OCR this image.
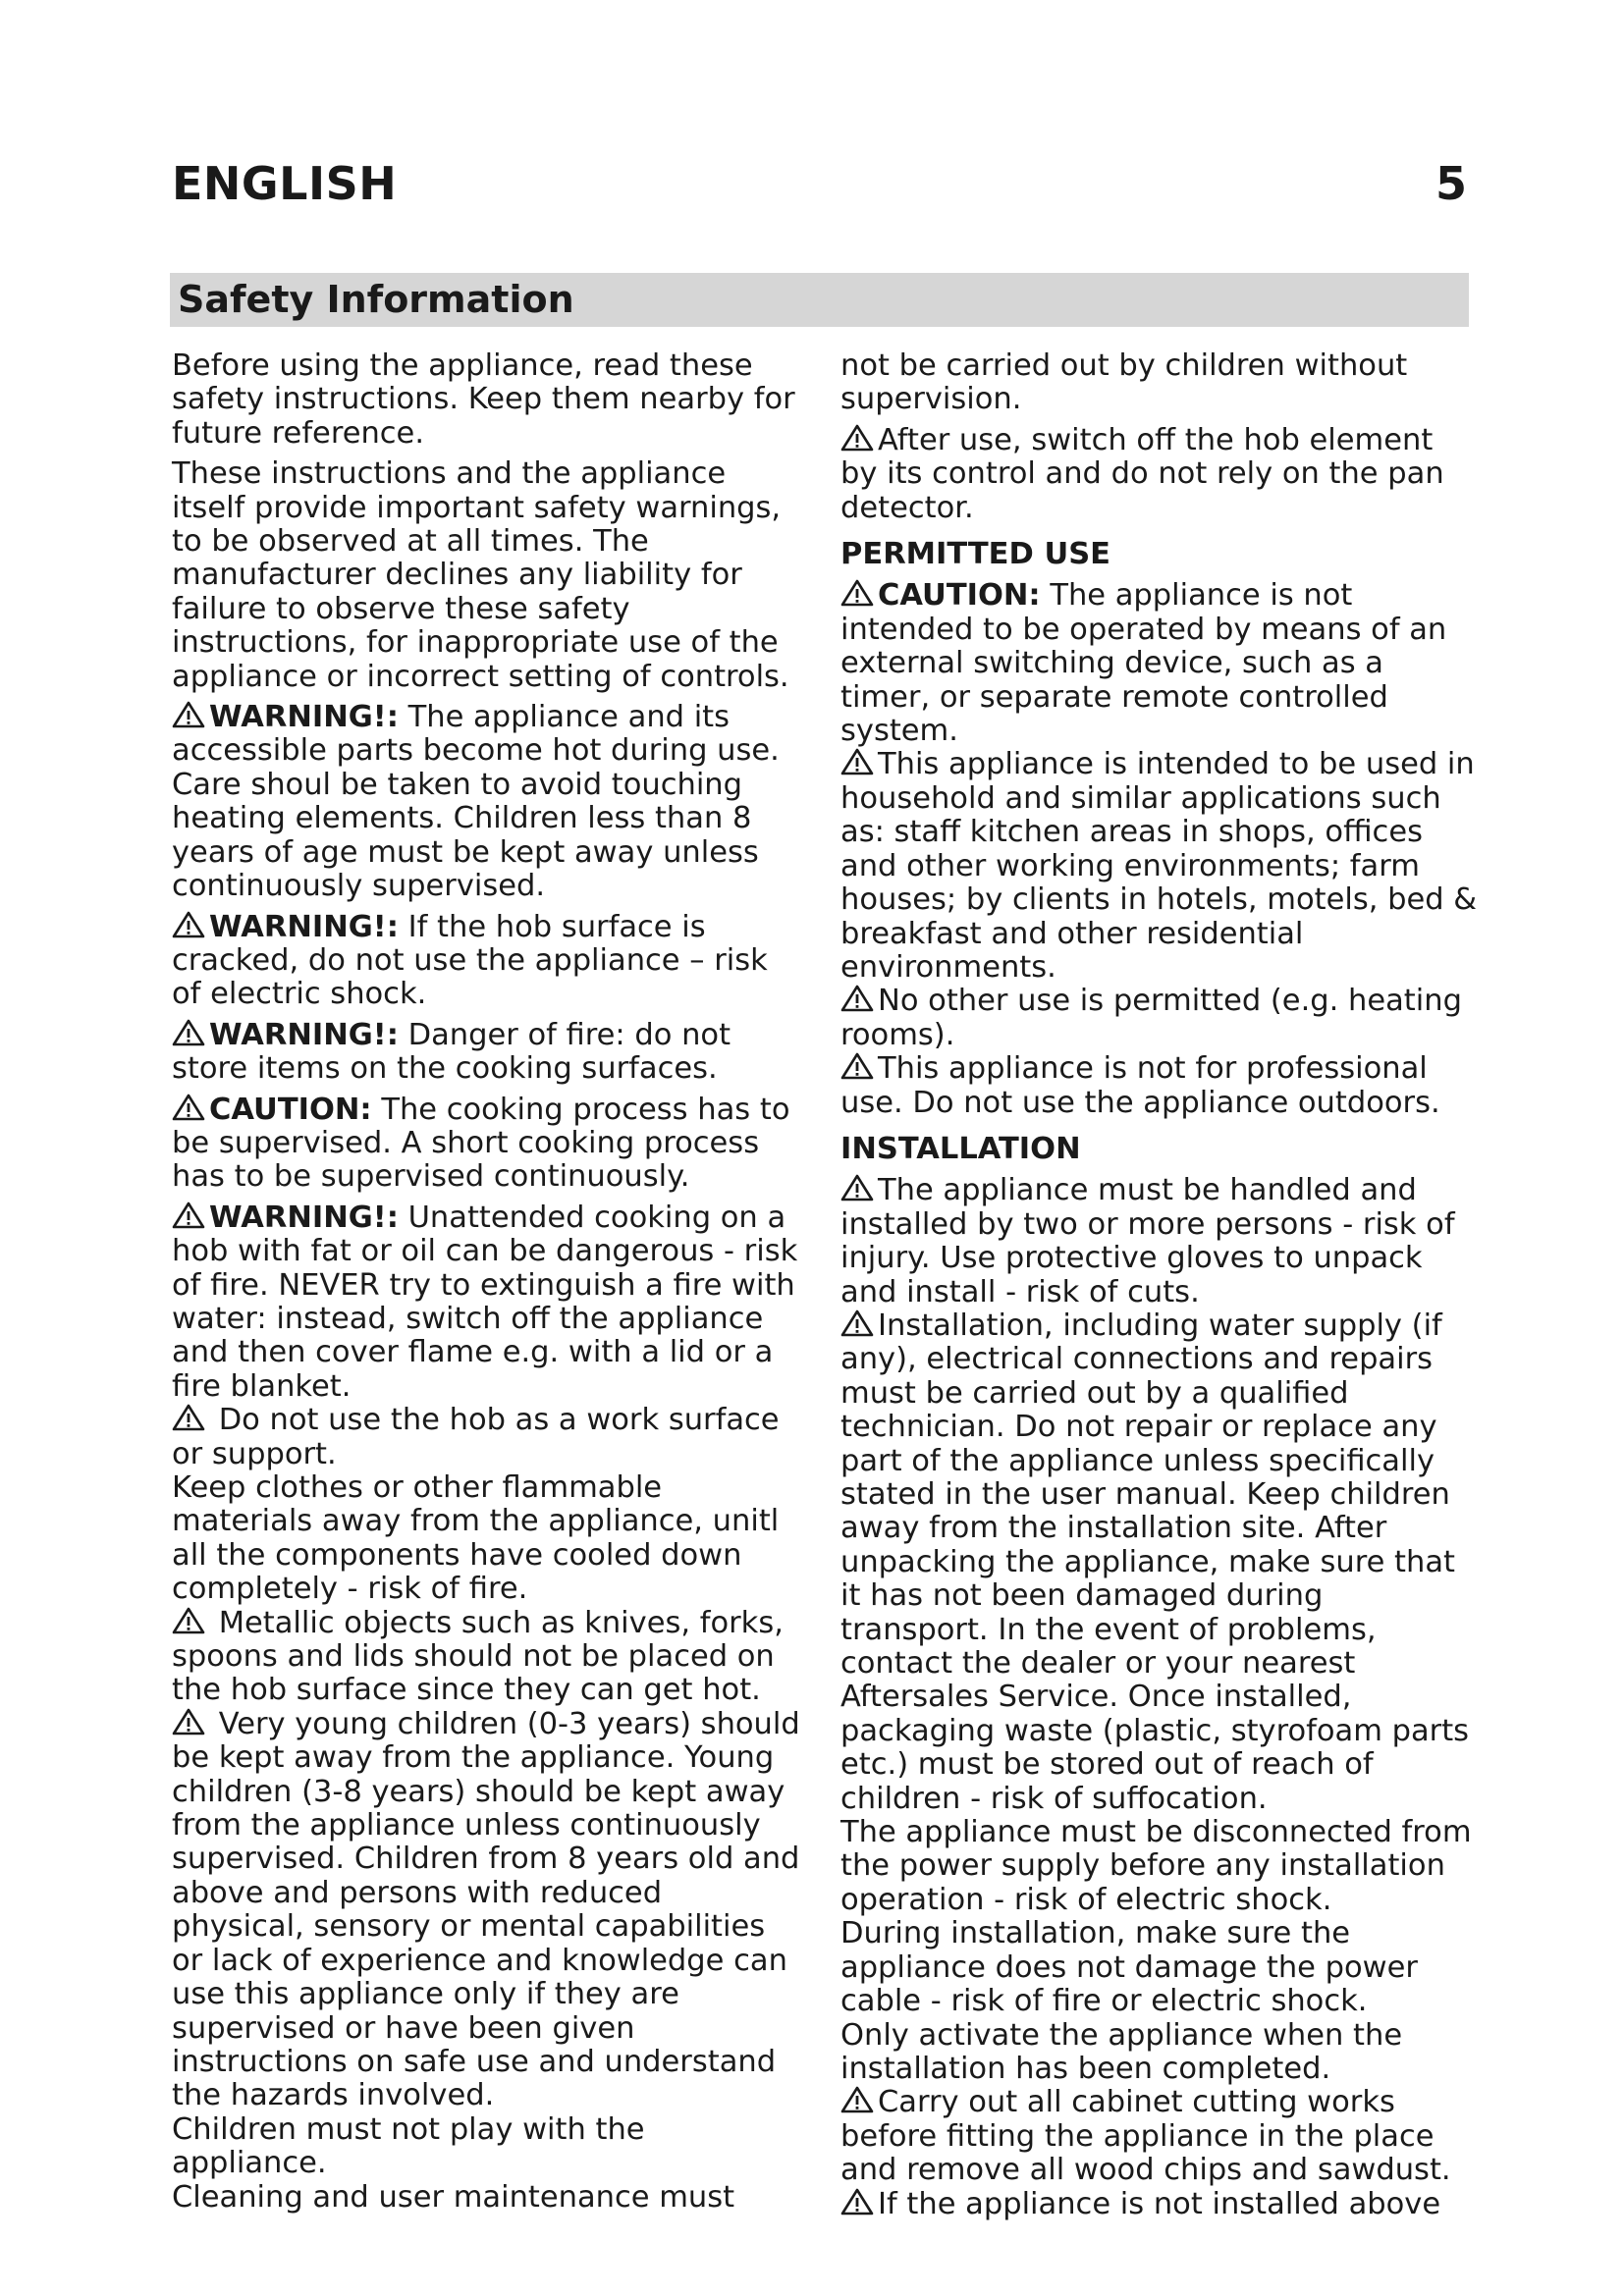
ENGLISH	5
Safety Information

Before using the appliance, read these safety instructions. Keep them nearby for future reference.

These instructions and the appliance itself provide important safety warnings, to be observed at all times. The manufacturer declines any liability for failure to observe these safety instructions, for inappropriate use of the appliance or incorrect setting of controls.

WARNING!: The appliance and its accessible parts become hot during use. Care shoul be taken to avoid touching heating elements. Children less than 8 years of age must be kept away unless continuously supervised.

WARNING!: If the hob surface is cracked, do not use the appliance – risk of electric shock.

WARNING!: Danger of fire: do not store items on the cooking surfaces.

CAUTION: The cooking process has to be supervised. A short cooking process has to be supervised continuously.

WARNING!: Unattended cooking on a hob with fat or oil can be dangerous - risk of fire. NEVER try to extinguish a fire with water: instead, switch off the appliance and then cover flame e.g. with a lid or a fire blanket.

Do not use the hob as a work surface or support.

Keep clothes or other flammable materials away from the appliance, unitl all the components have cooled down completely - risk of fire.

Metallic objects such as knives, forks, spoons and lids should not be placed on the hob surface since they can get hot.

Very young children (0-3 years) should be kept away from the appliance. Young children (3-8 years) should be kept away from the appliance unless continuously supervised. Children from 8 years old and above and persons with reduced physical, sensory or mental capabilities or lack of experience and knowledge can use this appliance only if they are supervised or have been given instructions on safe use and understand the hazards involved.

Children must not play with the appliance.

Cleaning and user maintenance must

not be carried out by children without supervision.

After use, switch off the hob element by its control and do not rely on the pan detector.

PERMITTED USE

CAUTION: The appliance is not intended to be operated by means of an external switching device, such as a timer, or separate remote controlled system.

This appliance is intended to be used in household and similar applications such as: staff kitchen areas in shops, offices and other working environments; farm houses; by clients in hotels, motels, bed & breakfast and other residential environments.

No other use is permitted (e.g. heating rooms).

This appliance is not for professional use. Do not use the appliance outdoors.

INSTALLATION

The appliance must be handled and installed by two or more persons - risk of injury. Use protective gloves to unpack and install - risk of cuts.

Installation, including water supply (if any), electrical connections and repairs must be carried out by a qualified technician. Do not repair or replace any part of the appliance unless specifically stated in the user manual. Keep children away from the installation site. After unpacking the appliance, make sure that it has not been damaged during transport. In the event of problems, contact the dealer or your nearest Aftersales Service. Once installed, packaging waste (plastic, styrofoam parts etc.) must be stored out of reach of children - risk of suffocation.

The appliance must be disconnected from the power supply before any installation operation - risk of electric shock.

During installation, make sure the appliance does not damage the power cable - risk of fire or electric shock.

Only activate the appliance when the installation has been completed.

Carry out all cabinet cutting works before fitting the appliance in the place and remove all wood chips and sawdust.

If the appliance is not installed above
